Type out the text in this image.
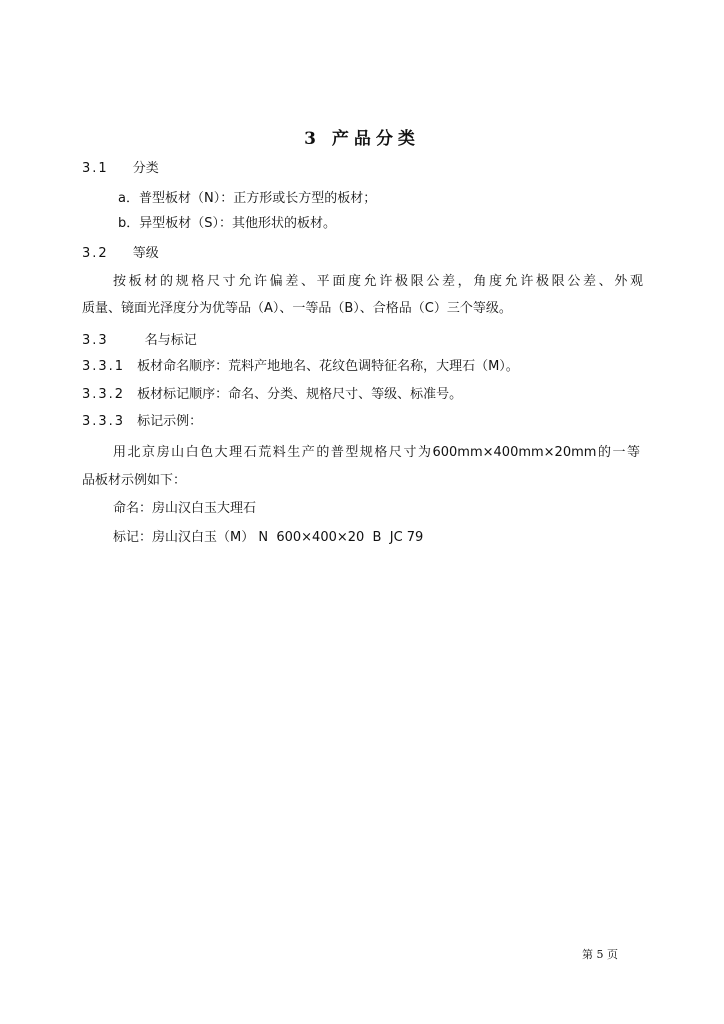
3 产品分类
3.1 分类
a．普型板材（N）：正方形或长方型的板材；
b．异型板材（S）：其他形状的板材。
3.2 等级
按板材的规格尺寸允许偏差、平面度允许极限公差，角度允许极限公差、外观
质量、镜面光泽度分为优等品（A）、一等品（B）、合格品（C）三个等级。
3.3	名与标记
3.3.1 板材命名顺序：荒料产地地名、花纹色调特征名称，大理石（M）。
3.3.2 板材标记顺序：命名、分类、规格尺寸、等级、标准号。
3.3.3 标记示例：
用北京房山白色大理石荒料生产的普型规格尺寸为600mm×400mm×20mm的一等
品板材示例如下：
命名：房山汉白玉大理石
标记：房山汉白玉（M） N  600×400×20  B  JC 79
第 5 页
